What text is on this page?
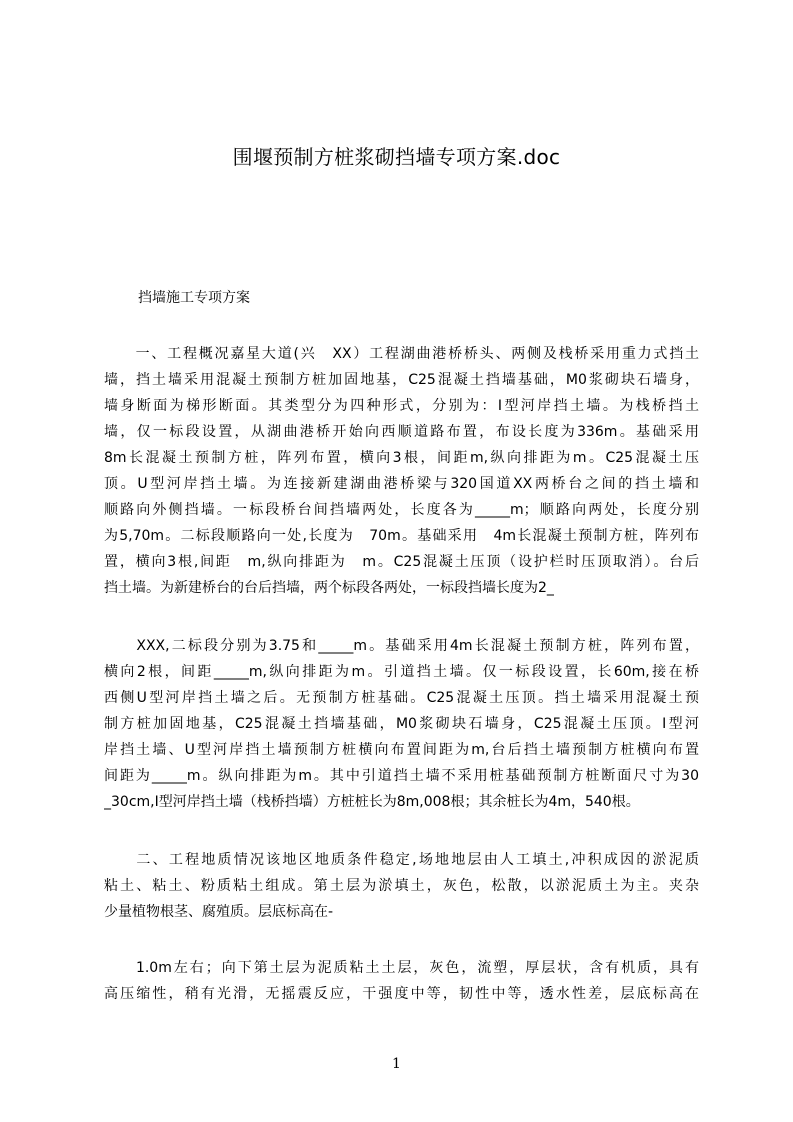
围堰预制方桩浆砌挡墙专项方案.doc
挡墙施工专项方案
　　一、工程概况嘉星大道(兴　XX）工程湖曲港桥桥头、两侧及栈桥采用重力式挡土
墙，挡土墙采用混凝土预制方桩加固地基，C25混凝土挡墙基础，M0浆砌块石墙身，
墙身断面为梯形断面。其类型分为四种形式，分别为：I型河岸挡土墙。为栈桥挡土
墙，仅一标段设置，从湖曲港桥开始向西顺道路布置，布设长度为336m。基础采用
8m长混凝土预制方桩，阵列布置，横向3根，间距m,纵向排距为m。C25混凝土压
顶。U型河岸挡土墙。为连接新建湖曲港桥梁与320国道XX两桥台之间的挡土墙和
顺路向外侧挡墙。一标段桥台间挡墙两处，长度各为_____m；顺路向两处，长度分别
为5,70m。二标段顺路向一处,长度为　70m。基础采用　4m长混凝土预制方桩，阵列布
置，横向3根,间距　m,纵向排距为　m。C25混凝土压顶（设护栏时压顶取消）。台后
挡土墙。为新建桥台的台后挡墙，两个标段各两处，一标段挡墙长度为2_
　　XXX,二标段分别为3.75和_____m。基础采用4m长混凝土预制方桩，阵列布置，
横向2根，间距_____m,纵向排距为m。引道挡土墙。仅一标段设置，长60m,接在桥
西侧U型河岸挡土墙之后。无预制方桩基础。C25混凝土压顶。挡土墙采用混凝土预
制方桩加固地基，C25混凝土挡墙基础，M0浆砌块石墙身，C25混凝土压顶。I型河
岸挡土墙、U型河岸挡土墙预制方桩横向布置间距为m,台后挡土墙预制方桩横向布置
间距为_____m。纵向排距为m。其中引道挡土墙不采用桩基础预制方桩断面尺寸为30
_30cm,I型河岸挡土墙（栈桥挡墙）方桩桩长为8m,008根；其余桩长为4m，540根。
　　二、工程地质情况该地区地质条件稳定,场地地层由人工填土,冲积成因的淤泥质
粘土、粘土、粉质粘土组成。第土层为淤填土，灰色，松散，以淤泥质土为主。夹杂
少量植物根茎、腐殖质。层底标高在-
　　1.0m左右；向下第土层为泥质粘土土层，灰色，流塑，厚层状，含有机质，具有
高压缩性，稍有光滑，无摇震反应，干强度中等，韧性中等，透水性差，层底标高在
1
